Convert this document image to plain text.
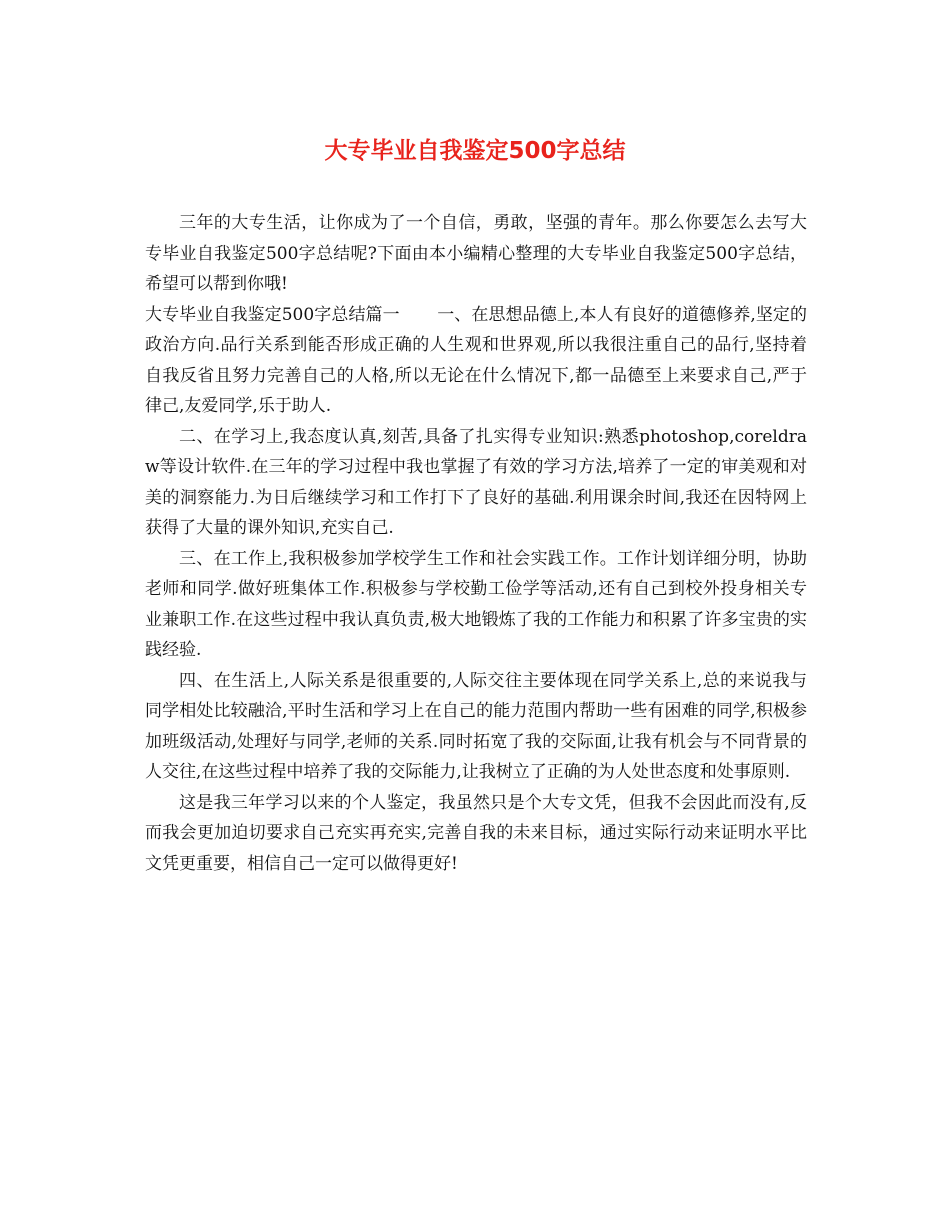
大专毕业自我鉴定500字总结

三年的大专生活，让你成为了一个自信，勇敢，坚强的青年。那么你要怎么去写大专毕业自我鉴定500字总结呢?下面由本小编精心整理的大专毕业自我鉴定500字总结，希望可以帮到你哦!

大专毕业自我鉴定500字总结篇一 一、在思想品德上,本人有良好的道德修养,坚定的政治方向.品行关系到能否形成正确的人生观和世界观,所以我很注重自己的品行,坚持着自我反省且努力完善自己的人格,所以无论在什么情况下,都一品德至上来要求自己,严于律己,友爱同学,乐于助人.

二、在学习上,我态度认真,刻苦,具备了扎实得专业知识:熟悉photoshop,coreldraw等设计软件.在三年的学习过程中我也掌握了有效的学习方法,培养了一定的审美观和对美的洞察能力.为日后继续学习和工作打下了良好的基础.利用课余时间,我还在因特网上获得了大量的课外知识,充实自己.

三、在工作上,我积极参加学校学生工作和社会实践工作。工作计划详细分明，协助老师和同学.做好班集体工作.积极参与学校勤工俭学等活动,还有自己到校外投身相关专业兼职工作.在这些过程中我认真负责,极大地锻炼了我的工作能力和积累了许多宝贵的实践经验.

四、在生活上,人际关系是很重要的,人际交往主要体现在同学关系上,总的来说我与同学相处比较融洽,平时生活和学习上在自己的能力范围内帮助一些有困难的同学,积极参加班级活动,处理好与同学,老师的关系.同时拓宽了我的交际面,让我有机会与不同背景的人交往,在这些过程中培养了我的交际能力,让我树立了正确的为人处世态度和处事原则.

这是我三年学习以来的个人鉴定，我虽然只是个大专文凭，但我不会因此而没有,反而我会更加迫切要求自己充实再充实,完善自我的未来目标，通过实际行动来证明水平比文凭更重要，相信自己一定可以做得更好!
